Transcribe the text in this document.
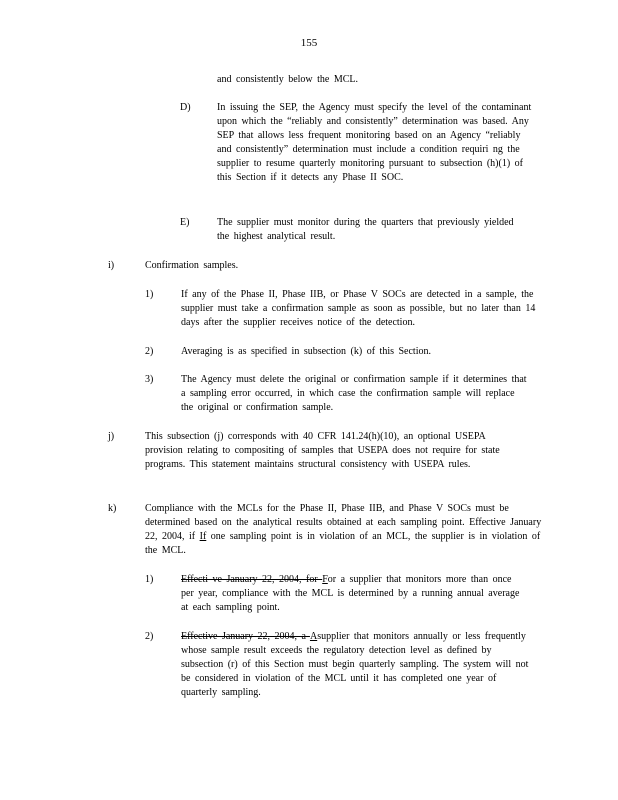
155
and consistently below the MCL.
D)	In issuing the SEP, the Agency must specify the level of the contaminant upon which the “reliably and consistently” determination was based. Any SEP that allows less frequent monitoring based on an Agency “reliably and consistently” determination must include a condition requiri ng the supplier to resume quarterly monitoring pursuant to subsection (h)(1) of this Section if it detects any Phase II SOC.
E)	The supplier must monitor during the quarters that previously yielded the highest analytical result.
i)	Confirmation samples.
1)	If any of the Phase II, Phase IIB, or Phase V SOCs are detected in a sample, the supplier must take a confirmation sample as soon as possible, but no later than 14 days after the supplier receives notice of the detection.
2)	Averaging is as specified in subsection (k) of this Section.
3)	The Agency must delete the original or confirmation sample if it determines that a sampling error occurred, in which case the confirmation sample will replace the original or confirmation sample.
j)	This subsection (j) corresponds with 40 CFR 141.24(h)(10), an optional USEPA provision relating to compositing of samples that USEPA does not require for state programs. This statement maintains structural consistency with USEPA rules.
k)	Compliance with the MCLs for the Phase II, Phase IIB, and Phase V SOCs must be determined based on the analytical results obtained at each sampling point. Effective January 22, 2004, if If one sampling point is in violation of an MCL, the supplier is in violation of the MCL.
1)	Effecti ve January 22, 2004, for For a supplier that monitors more than once per year, compliance with the MCL is determined by a running annual average at each sampling point.
2)	Effective January 22, 2004, a Asupplier that monitors annually or less frequently whose sample result exceeds the regulatory detection level as defined by subsection (r) of this Section must begin quarterly sampling. The system will not be considered in violation of the MCL until it has completed one year of quarterly sampling.
